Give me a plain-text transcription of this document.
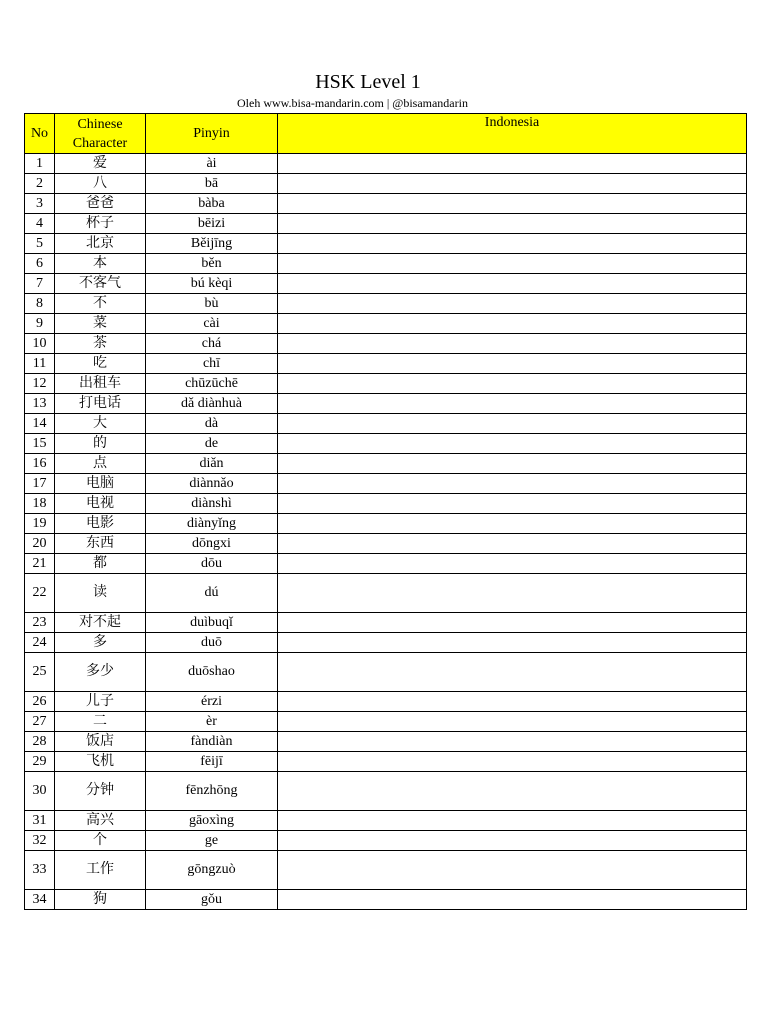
HSK Level 1
Oleh www.bisa-mandarin.com | @bisamandarin
No	Chinese Character	Pinyin	Indonesia
1	爱	ài	
2	八	bā	
3	爸爸	bàba	
4	杯子	bēizi	
5	北京	Běijīng	
6	本	běn	
7	不客气	bú kèqi	
8	不	bù	
9	菜	cài	
10	茶	chá	
11	吃	chī	
12	出租车	chūzūchē	
13	打电话	dǎ diànhuà	
14	大	dà	
15	的	de	
16	点	diǎn	
17	电脑	diànnǎo	
18	电视	diànshì	
19	电影	diànyǐng	
20	东西	dōngxi	
21	都	dōu	
22	读	dú	
23	对不起	duìbuqǐ	
24	多	duō	
25	多少	duōshao	
26	儿子	érzi	
27	二	èr	
28	饭店	fàndiàn	
29	飞机	fēijī	
30	分钟	fēnzhōng	
31	高兴	gāoxìng	
32	个	ge	
33	工作	gōngzuò	
34	狗	gǒu	
